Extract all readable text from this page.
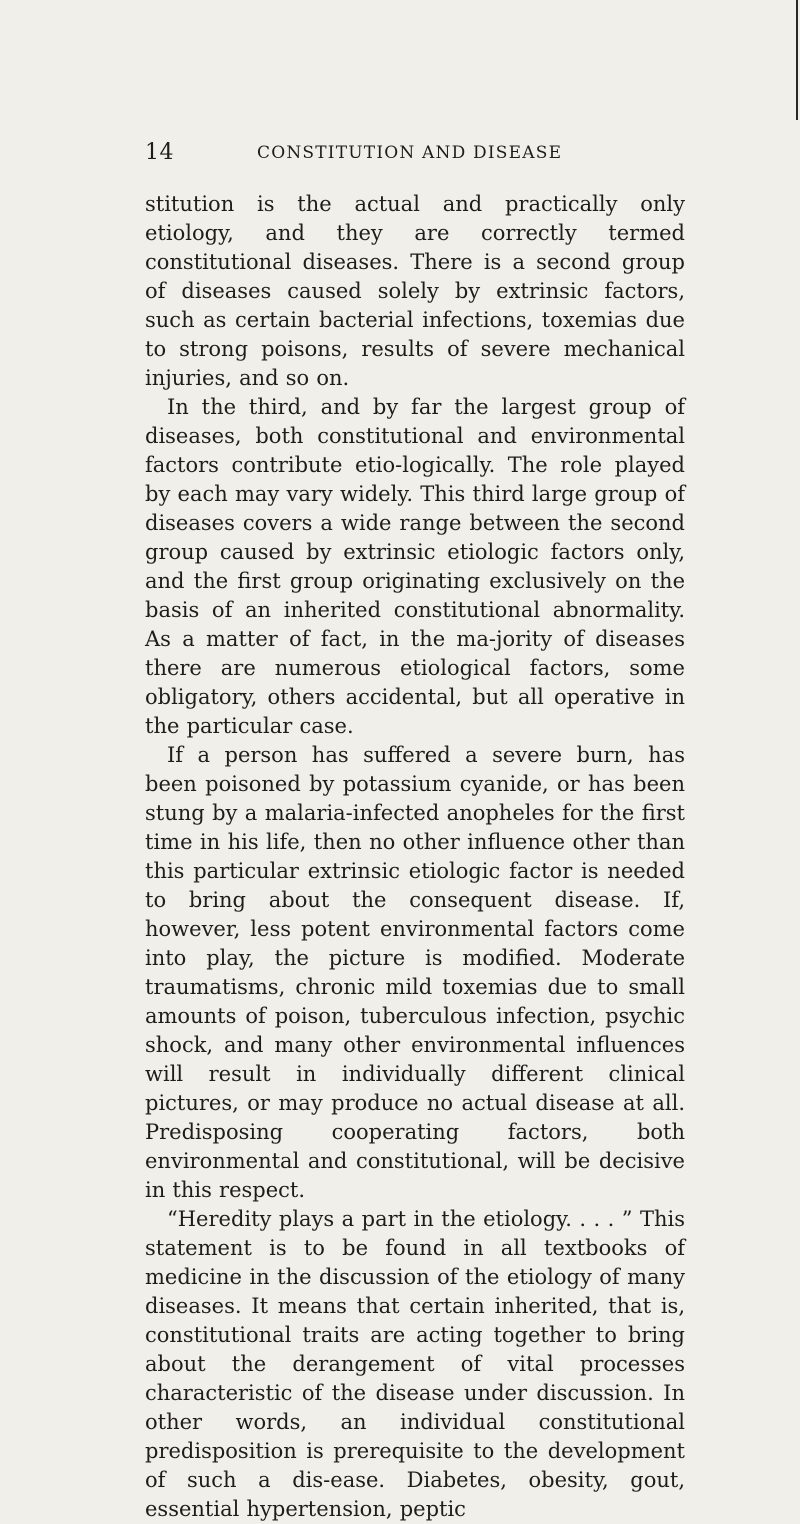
14	CONSTITUTION AND DISEASE

stitution is the actual and practically only etiology, and they are correctly termed constitutional diseases. There is a second group of diseases caused solely by extrinsic factors, such as certain bacterial infections, toxemias due to strong poisons, results of severe mechanical injuries, and so on.

In the third, and by far the largest group of diseases, both constitutional and environmental factors contribute etio-logically. The role played by each may vary widely. This third large group of diseases covers a wide range between the second group caused by extrinsic etiologic factors only, and the first group originating exclusively on the basis of an inherited constitutional abnormality. As a matter of fact, in the ma-jority of diseases there are numerous etiological factors, some obligatory, others accidental, but all operative in the particular case.

If a person has suffered a severe burn, has been poisoned by potassium cyanide, or has been stung by a malaria-infected anopheles for the first time in his life, then no other influence other than this particular extrinsic etiologic factor is needed to bring about the consequent disease. If, however, less potent environmental factors come into play, the picture is modified. Moderate traumatisms, chronic mild toxemias due to small amounts of poison, tuberculous infection, psychic shock, and many other environmental influences will result in individually different clinical pictures, or may produce no actual disease at all. Predisposing cooperating factors, both environmental and constitutional, will be decisive in this respect.

“Heredity plays a part in the etiology. . . . ” This statement is to be found in all textbooks of medicine in the discussion of the etiology of many diseases. It means that certain inherited, that is, constitutional traits are acting together to bring about the derangement of vital processes characteristic of the disease under discussion. In other words, an individual constitutional predisposition is prerequisite to the development of such a dis-ease. Diabetes, obesity, gout, essential hypertension, peptic
